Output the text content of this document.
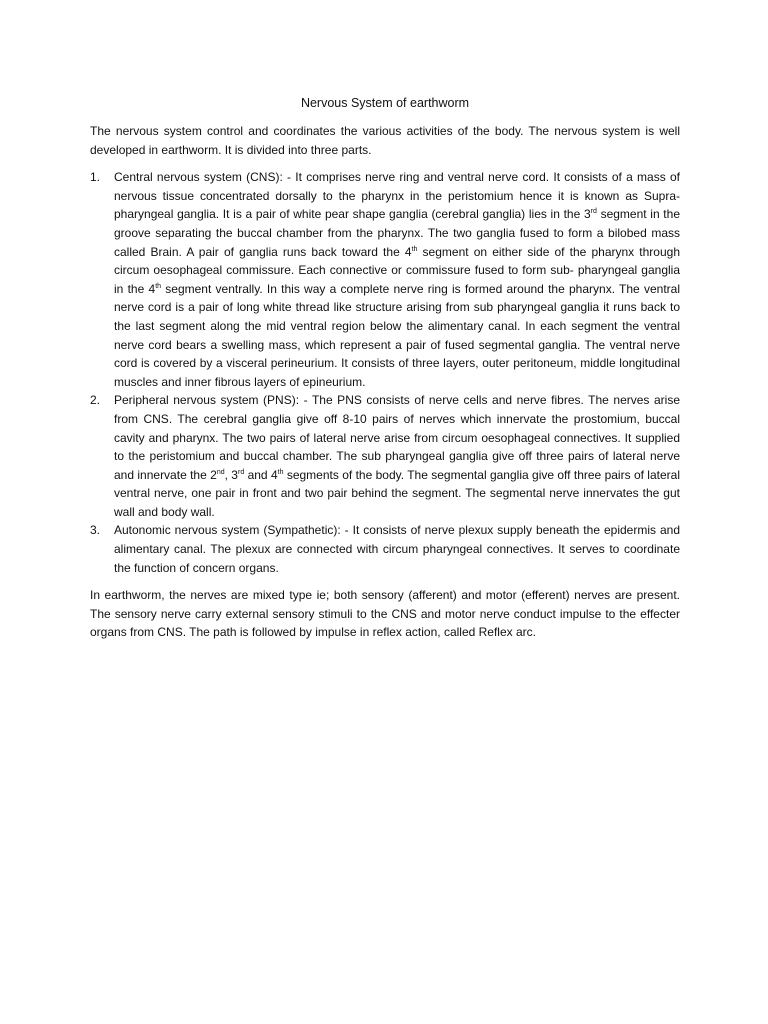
Nervous System of earthworm

The nervous system control and coordinates the various activities of the body. The nervous system is well developed in earthworm. It is divided into three parts.

1. Central nervous system (CNS): - It comprises nerve ring and ventral nerve cord. It consists of a mass of nervous tissue concentrated dorsally to the pharynx in the peristomium hence it is known as Supra-pharyngeal ganglia. It is a pair of white pear shape ganglia (cerebral ganglia) lies in the 3rd segment in the groove separating the buccal chamber from the pharynx. The two ganglia fused to form a bilobed mass called Brain. A pair of ganglia runs back toward the 4th segment on either side of the pharynx through circum oesophageal commissure. Each connective or commissure fused to form sub- pharyngeal ganglia in the 4th segment ventrally. In this way a complete nerve ring is formed around the pharynx. The ventral nerve cord is a pair of long white thread like structure arising from sub pharyngeal ganglia it runs back to the last segment along the mid ventral region below the alimentary canal. In each segment the ventral nerve cord bears a swelling mass, which represent a pair of fused segmental ganglia. The ventral nerve cord is covered by a visceral perineurium. It consists of three layers, outer peritoneum, middle longitudinal muscles and inner fibrous layers of epineurium.
2. Peripheral nervous system (PNS): - The PNS consists of nerve cells and nerve fibres. The nerves arise from CNS. The cerebral ganglia give off 8-10 pairs of nerves which innervate the prostomium, buccal cavity and pharynx. The two pairs of lateral nerve arise from circum oesophageal connectives. It supplied to the peristomium and buccal chamber. The sub pharyngeal ganglia give off three pairs of lateral nerve and innervate the 2nd, 3rd and 4th segments of the body. The segmental ganglia give off three pairs of lateral ventral nerve, one pair in front and two pair behind the segment. The segmental nerve innervates the gut wall and body wall.
3. Autonomic nervous system (Sympathetic): - It consists of nerve plexux supply beneath the epidermis and alimentary canal. The plexux are connected with circum pharyngeal connectives. It serves to coordinate the function of concern organs.

In earthworm, the nerves are mixed type ie; both sensory (afferent) and motor (efferent) nerves are present. The sensory nerve carry external sensory stimuli to the CNS and motor nerve conduct impulse to the effecter organs from CNS. The path is followed by impulse in reflex action, called Reflex arc.
